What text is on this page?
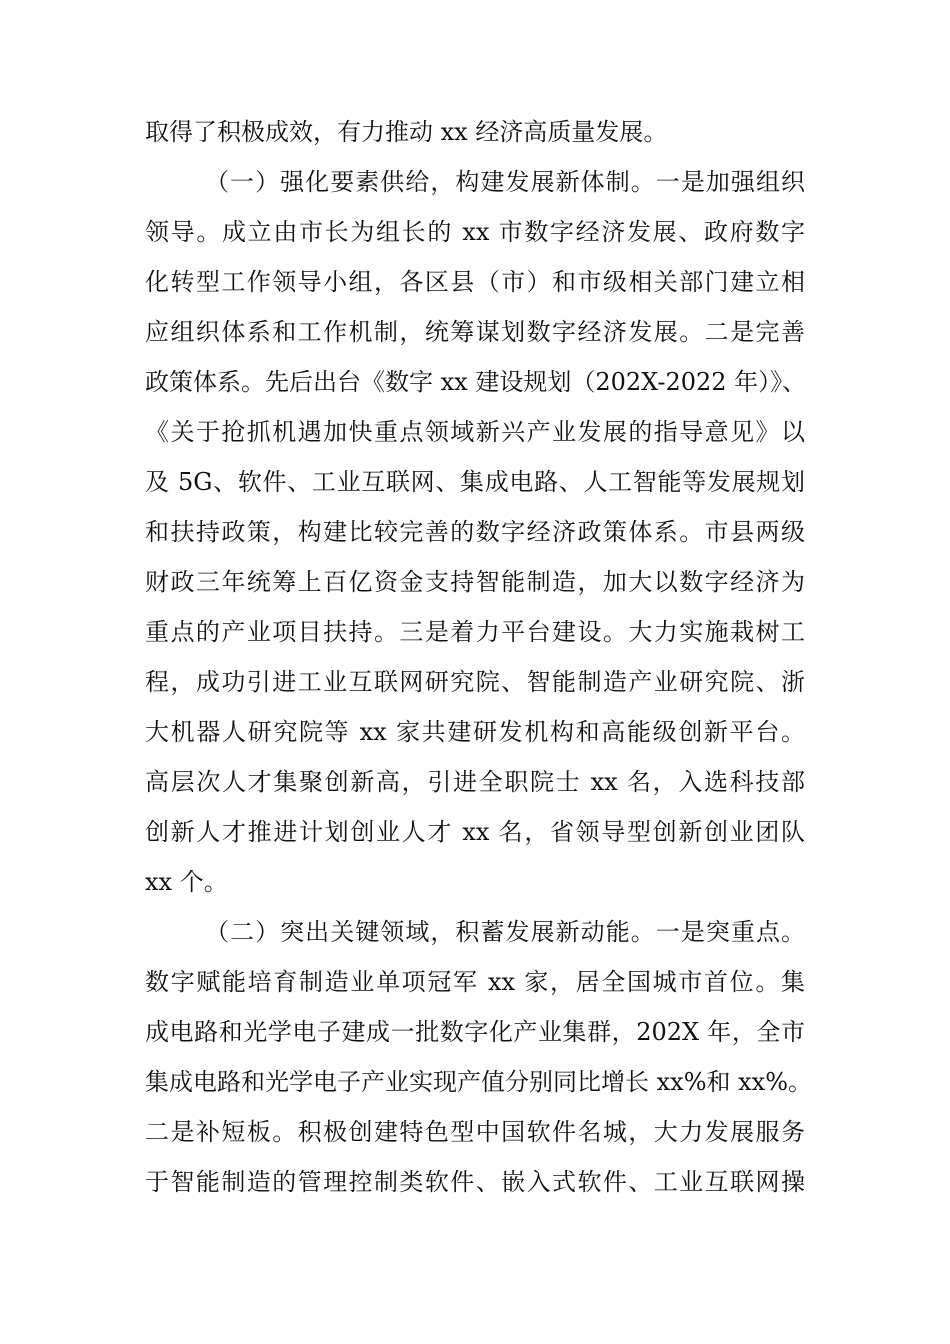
取得了积极成效，有力推动 xx 经济高质量发展。
（一）强化要素供给，构建发展新体制。一是加强组织
领导。成立由市长为组长的 xx 市数字经济发展、政府数字
化转型工作领导小组，各区县（市）和市级相关部门建立相
应组织体系和工作机制，统筹谋划数字经济发展。二是完善
政策体系。先后出台《数字 xx 建设规划（202X-2022 年）》、
《关于抢抓机遇加快重点领域新兴产业发展的指导意见》以
及 5G、软件、工业互联网、集成电路、人工智能等发展规划
和扶持政策，构建比较完善的数字经济政策体系。市县两级
财政三年统筹上百亿资金支持智能制造，加大以数字经济为
重点的产业项目扶持。三是着力平台建设。大力实施栽树工
程，成功引进工业互联网研究院、智能制造产业研究院、浙
大机器人研究院等 xx 家共建研发机构和高能级创新平台。
高层次人才集聚创新高，引进全职院士 xx 名，入选科技部
创新人才推进计划创业人才 xx 名，省领导型创新创业团队
xx 个。
（二）突出关键领域，积蓄发展新动能。一是突重点。
数字赋能培育制造业单项冠军 xx 家，居全国城市首位。集
成电路和光学电子建成一批数字化产业集群，202X 年，全市
集成电路和光学电子产业实现产值分别同比增长 xx%和 xx%。
二是补短板。积极创建特色型中国软件名城，大力发展服务
于智能制造的管理控制类软件、嵌入式软件、工业互联网操
